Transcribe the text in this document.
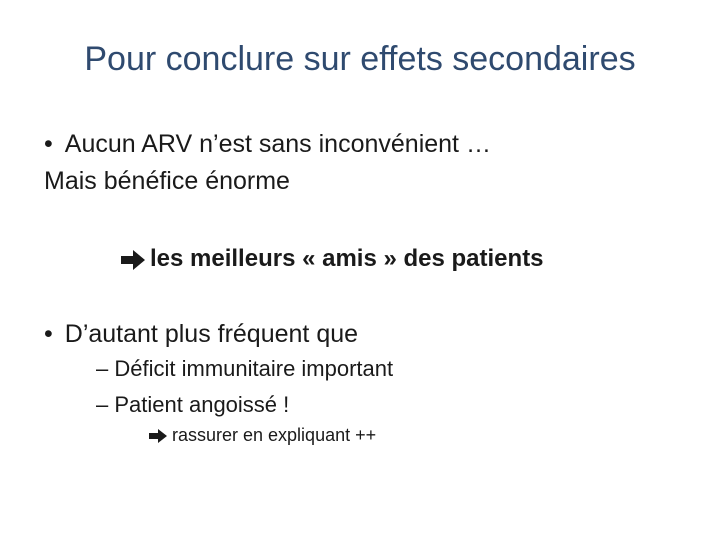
Pour conclure sur effets secondaires
• Aucun ARV n’est sans inconvénient …
Mais bénéfice énorme
les meilleurs « amis » des patients
• D’autant plus fréquent que
– Déficit immunitaire important
– Patient angoissé !
rassurer en expliquant ++
